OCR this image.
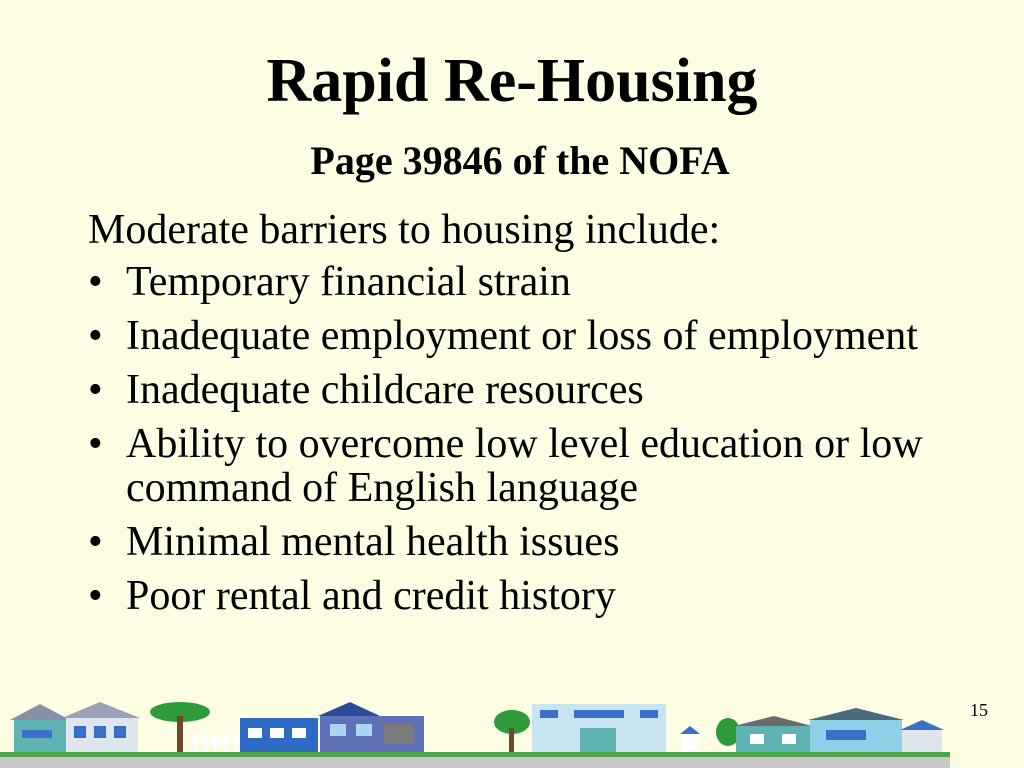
Rapid Re-Housing
Page 39846 of the NOFA
Moderate barriers to housing include:
• Temporary financial strain
• Inadequate employment or loss of employment
• Inadequate childcare resources
• Ability to overcome low level education or low command of English language
• Minimal mental health issues
• Poor rental and credit history
15
